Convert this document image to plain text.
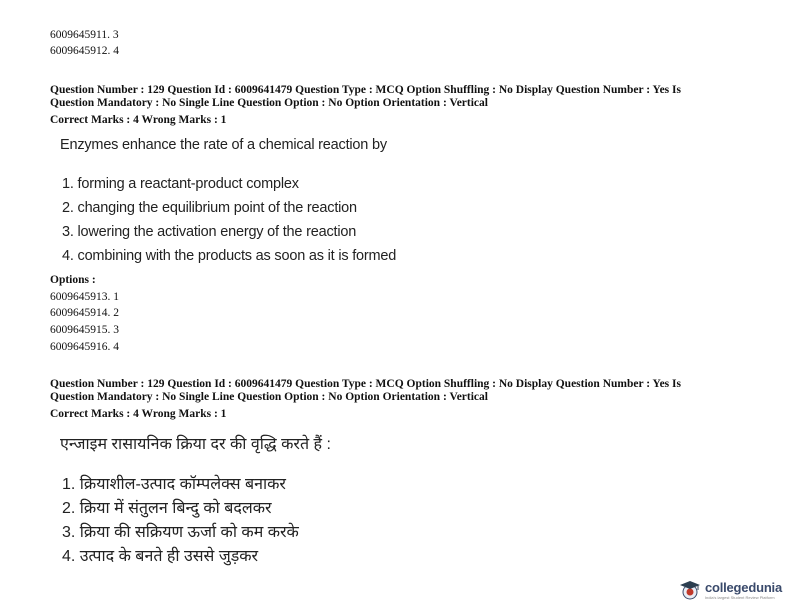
6009645911. 3
6009645912. 4
Question Number : 129 Question Id : 6009641479 Question Type : MCQ Option Shuffling : No Display Question Number : Yes Is
Question Mandatory : No Single Line Question Option : No Option Orientation : Vertical
Correct Marks : 4 Wrong Marks : 1
Enzymes enhance the rate of a chemical reaction by
1. forming a reactant-product complex
2. changing the equilibrium point of the reaction
3. lowering the activation energy of the reaction
4. combining with the products as soon as it is formed
Options :
6009645913. 1
6009645914. 2
6009645915. 3
6009645916. 4
Question Number : 129 Question Id : 6009641479 Question Type : MCQ Option Shuffling : No Display Question Number : Yes Is
Question Mandatory : No Single Line Question Option : No Option Orientation : Vertical
Correct Marks : 4 Wrong Marks : 1
एन्जाइम रासायनिक क्रिया दर की वृद्धि करते हैं :
1. क्रियाशील-उत्पाद कॉम्पलेक्स बनाकर
2. क्रिया में संतुलन बिन्दु को बदलकर
3. क्रिया की सक्रियण ऊर्जा को कम करके
4. उत्पाद के बनते ही उससे जुड़कर
collegedunia
India's largest Student Review Platform
